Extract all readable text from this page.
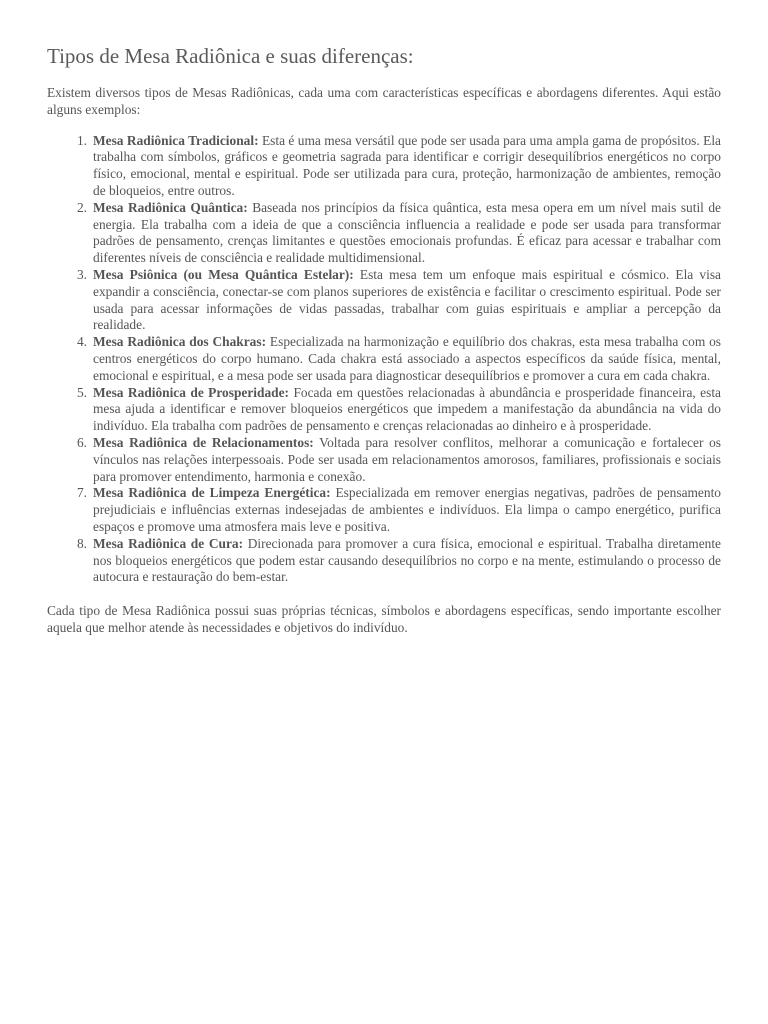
Tipos de Mesa Radiônica e suas diferenças:

Existem diversos tipos de Mesas Radiônicas, cada uma com características específicas e abordagens diferentes. Aqui estão alguns exemplos:

1. Mesa Radiônica Tradicional: Esta é uma mesa versátil que pode ser usada para uma ampla gama de propósitos. Ela trabalha com símbolos, gráficos e geometria sagrada para identificar e corrigir desequilíbrios energéticos no corpo físico, emocional, mental e espiritual. Pode ser utilizada para cura, proteção, harmonização de ambientes, remoção de bloqueios, entre outros.
2. Mesa Radiônica Quântica: Baseada nos princípios da física quântica, esta mesa opera em um nível mais sutil de energia. Ela trabalha com a ideia de que a consciência influencia a realidade e pode ser usada para transformar padrões de pensamento, crenças limitantes e questões emocionais profundas. É eficaz para acessar e trabalhar com diferentes níveis de consciência e realidade multidimensional.
3. Mesa Psiônica (ou Mesa Quântica Estelar): Esta mesa tem um enfoque mais espiritual e cósmico. Ela visa expandir a consciência, conectar-se com planos superiores de existência e facilitar o crescimento espiritual. Pode ser usada para acessar informações de vidas passadas, trabalhar com guias espirituais e ampliar a percepção da realidade.
4. Mesa Radiônica dos Chakras: Especializada na harmonização e equilíbrio dos chakras, esta mesa trabalha com os centros energéticos do corpo humano. Cada chakra está associado a aspectos específicos da saúde física, mental, emocional e espiritual, e a mesa pode ser usada para diagnosticar desequilíbrios e promover a cura em cada chakra.
5. Mesa Radiônica de Prosperidade: Focada em questões relacionadas à abundância e prosperidade financeira, esta mesa ajuda a identificar e remover bloqueios energéticos que impedem a manifestação da abundância na vida do indivíduo. Ela trabalha com padrões de pensamento e crenças relacionadas ao dinheiro e à prosperidade.
6. Mesa Radiônica de Relacionamentos: Voltada para resolver conflitos, melhorar a comunicação e fortalecer os vínculos nas relações interpessoais. Pode ser usada em relacionamentos amorosos, familiares, profissionais e sociais para promover entendimento, harmonia e conexão.
7. Mesa Radiônica de Limpeza Energética: Especializada em remover energias negativas, padrões de pensamento prejudiciais e influências externas indesejadas de ambientes e indivíduos. Ela limpa o campo energético, purifica espaços e promove uma atmosfera mais leve e positiva.
8. Mesa Radiônica de Cura: Direcionada para promover a cura física, emocional e espiritual. Trabalha diretamente nos bloqueios energéticos que podem estar causando desequilíbrios no corpo e na mente, estimulando o processo de autocura e restauração do bem-estar.

Cada tipo de Mesa Radiônica possui suas próprias técnicas, símbolos e abordagens específicas, sendo importante escolher aquela que melhor atende às necessidades e objetivos do indivíduo.
